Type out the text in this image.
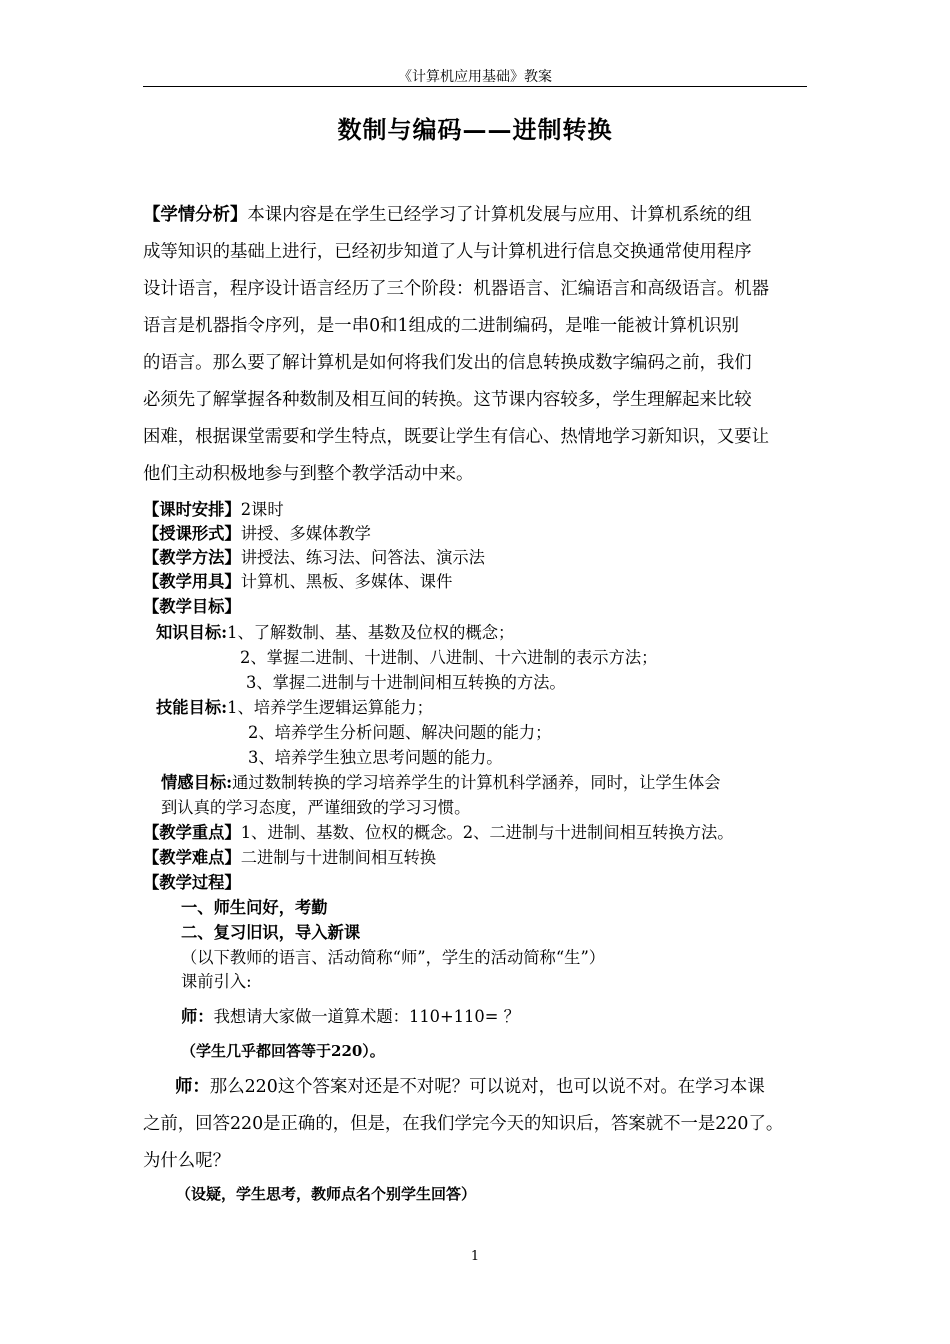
《计算机应用基础》教案
数制与编码——进制转换
【学情分析】本课内容是在学生已经学习了计算机发展与应用、计算机系统的组
成等知识的基础上进行，已经初步知道了人与计算机进行信息交换通常使用程序
设计语言，程序设计语言经历了三个阶段：机器语言、汇编语言和高级语言。机器
语言是机器指令序列，是一串0和1组成的二进制编码，是唯一能被计算机识别
的语言。那么要了解计算机是如何将我们发出的信息转换成数字编码之前，我们
必须先了解掌握各种数制及相互间的转换。这节课内容较多，学生理解起来比较
困难，根据课堂需要和学生特点，既要让学生有信心、热情地学习新知识，又要让
他们主动积极地参与到整个教学活动中来。
【课时安排】2课时
【授课形式】讲授、多媒体教学
【教学方法】讲授法、练习法、问答法、演示法
【教学用具】计算机、黑板、多媒体、课件
【教学目标】
知识目标:1、了解数制、基、基数及位权的概念；
2、掌握二进制、十进制、八进制、十六进制的表示方法；
3、掌握二进制与十进制间相互转换的方法。
技能目标:1、培养学生逻辑运算能力；
2、培养学生分析问题、解决问题的能力；
3、培养学生独立思考问题的能力。
情感目标:通过数制转换的学习培养学生的计算机科学涵养，同时，让学生体会
到认真的学习态度，严谨细致的学习习惯。
【教学重点】1、进制、基数、位权的概念。2、二进制与十进制间相互转换方法。
【教学难点】二进制与十进制间相互转换
【教学过程】
一、师生问好，考勤
二、复习旧识，导入新课
（以下教师的语言、活动简称“师”，学生的活动简称“生”）
课前引入:
师：我想请大家做一道算术题：110+110= ？
（学生几乎都回答等于220）。
师：那么220这个答案对还是不对呢？可以说对，也可以说不对。在学习本课
之前，回答220是正确的，但是，在我们学完今天的知识后，答案就不一是220了。
为什么呢？
（设疑，学生思考，教师点名个别学生回答）
1
